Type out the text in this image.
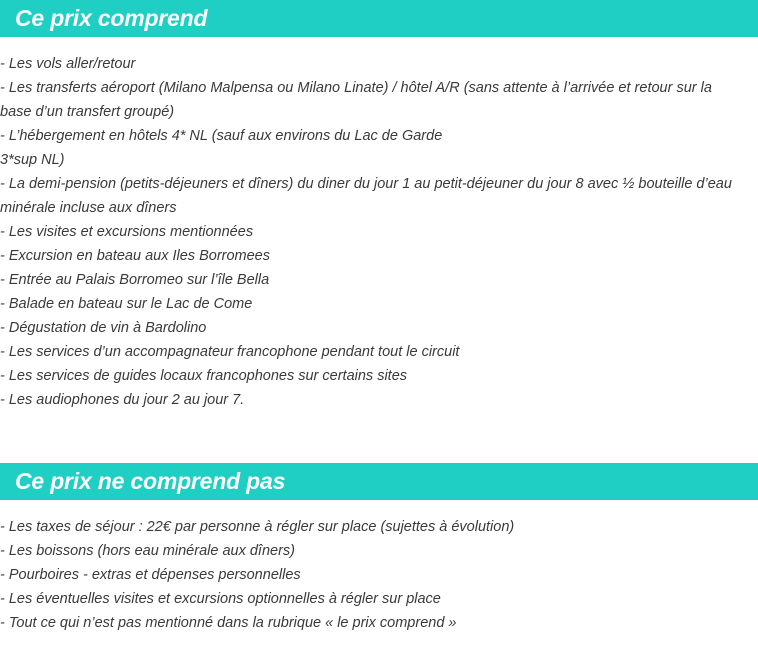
Ce prix comprend
- Les vols aller/retour
- Les transferts aéroport (Milano Malpensa ou Milano Linate) / hôtel A/R (sans attente à l’arrivée et retour sur la base d’un transfert groupé)
- L’hébergement en hôtels 4* NL (sauf aux environs du Lac de Garde
3*sup NL)
- La demi-pension (petits-déjeuners et dîners) du diner du jour 1 au petit-déjeuner du jour 8 avec ½ bouteille d’eau minérale incluse aux dîners
- Les visites et excursions mentionnées
- Excursion en bateau aux Iles Borromees
- Entrée au Palais Borromeo sur l’île Bella
- Balade en bateau sur le Lac de Come
- Dégustation de vin à Bardolino
- Les services d’un accompagnateur francophone pendant tout le circuit
- Les services de guides locaux francophones sur certains sites
- Les audiophones du jour 2 au jour 7.
Ce prix ne comprend pas
- Les taxes de séjour : 22€ par personne à régler sur place (sujettes à évolution)
- Les boissons (hors eau minérale aux dîners)
- Pourboires - extras et dépenses personnelles
- Les éventuelles visites et excursions optionnelles à régler sur place
- Tout ce qui n’est pas mentionné dans la rubrique « le prix comprend »
